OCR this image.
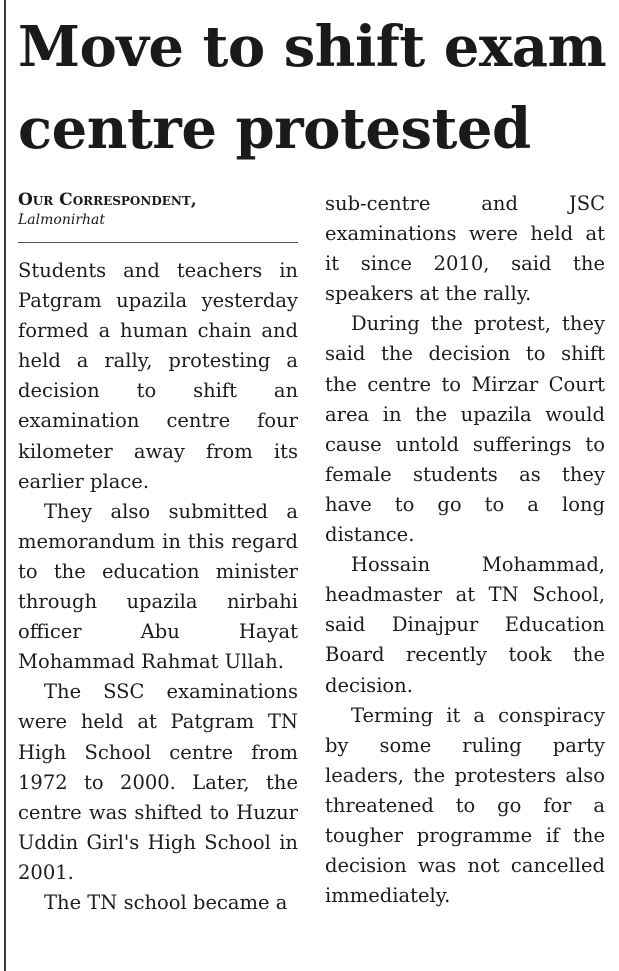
Move to shift exam centre protested
Our Correspondent,
Lalmonirhat

Students and teachers in Patgram upazila yesterday formed a human chain and held a rally, protesting a decision to shift an examination centre four kilometer away from its earlier place.

They also submitted a memorandum in this regard to the education minister through upazila nirbahi officer Abu Hayat Mohammad Rahmat Ullah.

The SSC examinations were held at Patgram TN High School centre from 1972 to 2000. Later, the centre was shifted to Huzur Uddin Girl's High School in 2001.

The TN school became a

sub-centre and JSC examinations were held at it since 2010, said the speakers at the rally.

During the protest, they said the decision to shift the centre to Mirzar Court area in the upazila would cause untold sufferings to female students as they have to go to a long distance.

Hossain Mohammad, headmaster at TN School, said Dinajpur Education Board recently took the decision.

Terming it a conspiracy by some ruling party leaders, the protesters also threatened to go for a tougher programme if the decision was not cancelled immediately.
